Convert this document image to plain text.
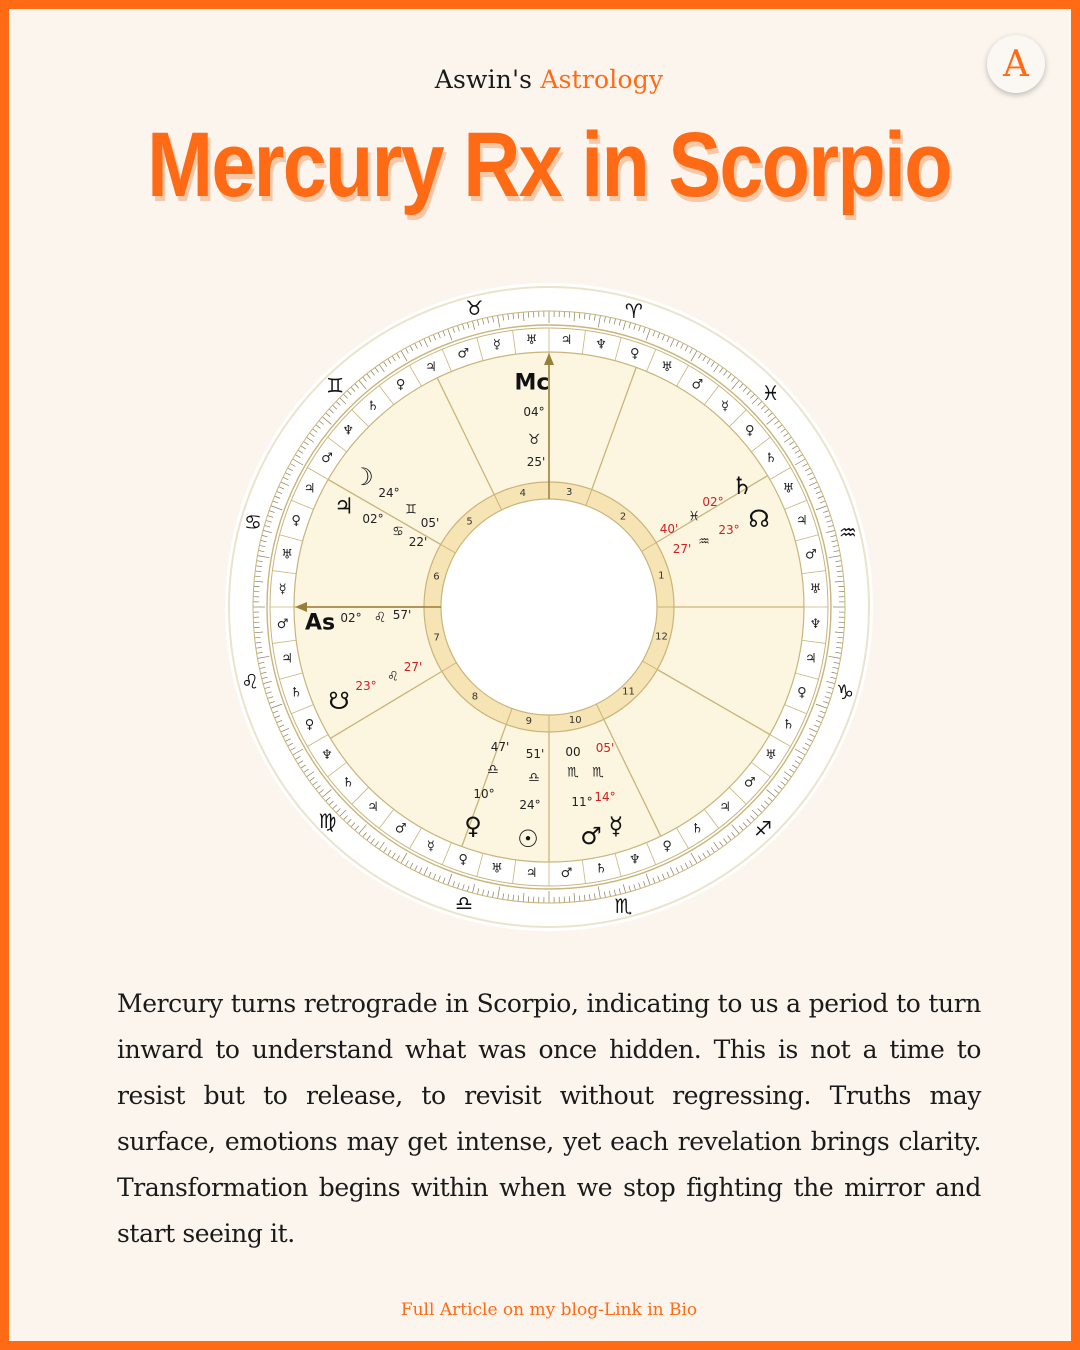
Aswin's Astrology	A
Mercury Rx in Scorpio
♃ ♆
♀
♅
♂
☿
♀
♄
♅
♃
♂
♅
♆
♃
♀
♄
♅
♂
♃
♄
♀
♆
♄
♂
♃
♅
♀
☿
♂
♃
♄
♆
♀
♄
♃
♂
☿
♅
♀
♃
♂
♆
♄
♀
♃
♂
☿ ♅
♉	♈
♓
♒
♑
♐
♏
♎
♍
♌
♋
♊
1
2
3
4
5
6
7
8
9	10
11
12
Mc
04°
♉
25'
As 02° ♌ 57'
☽
24°
♊
05'
♃ 02°
♋
22'
♄
02°
♓
40'	☊
23°
♒
27'
☋
23°
♌
27'
♀
10°
♎
47'
☉
24°
♎
51'
♂
11°
♏
00
☿
14°
♏
05'
Mercury turns retrograde in Scorpio, indicating to us a period to turn inward to understand what was once hidden. This is not a time to resist but to release, to revisit without regressing. Truths may surface, emotions may get intense, yet each revelation brings clarity. Transformation begins within when we stop fighting the mirror and start seeing it.
Full Article on my blog-Link in Bio
